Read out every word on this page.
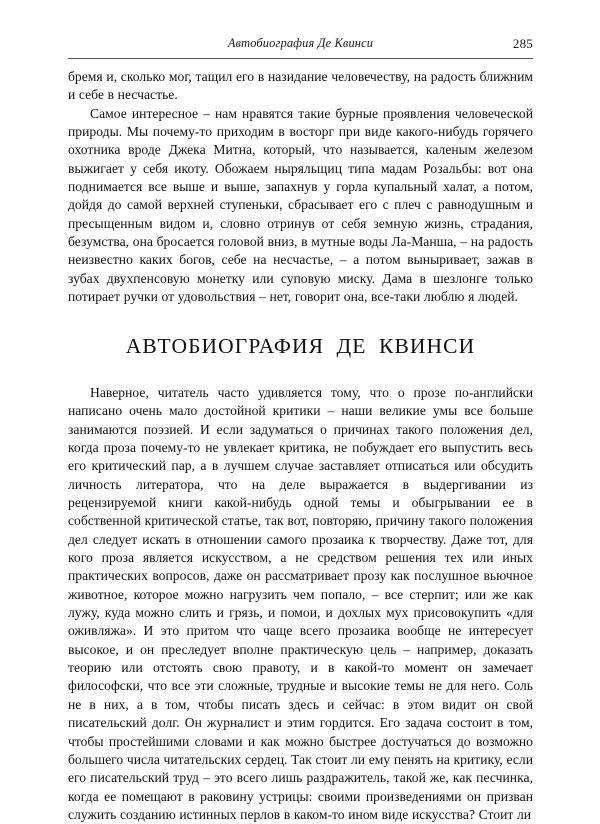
Автобиография Де Квинси	285

бремя и, сколько мог, тащил его в назидание человечеству, на радость ближним и себе в несчастье.

Самое интересное – нам нравятся такие бурные проявления человеческой природы. Мы почему-то приходим в восторг при виде какого-нибудь горячего охотника вроде Джека Митна, который, что называется, каленым железом выжигает у себя икоту. Обожаем ныряльщиц типа мадам Розальбы: вот она поднимается все выше и выше, запахнув у горла купальный халат, а потом, дойдя до самой верхней ступеньки, сбрасывает его с плеч с равнодушным и пресыщенным видом и, словно отринув от себя земную жизнь, страдания, безумства, она бросается головой вниз, в мутные воды Ла-Манша, – на радость неизвестно каких богов, себе на несчастье, – а потом выныривает, зажав в зубах двухпенсовую монетку или суповую миску. Дама в шезлонге только потирает ручки от удовольствия – нет, говорит она, все-таки люблю я людей.

АВТОБИОГРАФИЯ ДЕ КВИНСИ

Наверное, читатель часто удивляется тому, что о прозе по-английски написано очень мало достойной критики – наши великие умы все больше занимаются поэзией. И если задуматься о причинах такого положения дел, когда проза почему-то не увлекает критика, не побуждает его выпустить весь его критический пар, а в лучшем случае заставляет отписаться или обсудить личность литератора, что на деле выражается в выдергивании из рецензируемой книги какой-нибудь одной темы и обыгрывании ее в собственной критической статье, так вот, повторяю, причину такого положения дел следует искать в отношении самого прозаика к творчеству. Даже тот, для кого проза является искусством, а не средством решения тех или иных практических вопросов, даже он рассматривает прозу как послушное вьючное животное, которое можно нагрузить чем попало, – все стерпит; или же как лужу, куда можно слить и грязь, и помои, и дохлых мух присовокупить «для оживляжа». И это притом что чаще всего прозаика вообще не интересует высокое, и он преследует вполне практическую цель – например, доказать теорию или отстоять свою правоту, и в какой-то момент он замечает философски, что все эти сложные, трудные и высокие темы не для него. Соль не в них, а в том, чтобы писать здесь и сейчас: в этом видит он свой писательский долг. Он журналист и этим гордится. Его задача состоит в том, чтобы простейшими словами и как можно быстрее достучаться до возможно большего числа читательских сердец. Так стоит ли ему пенять на критику, если его писательский труд – это всего лишь раздражитель, такой же, как песчинка, когда ее помещают в раковину устрицы: своими произведениями он призван служить созданию истинных перлов в каком-то ином виде искусства? Стоит ли
